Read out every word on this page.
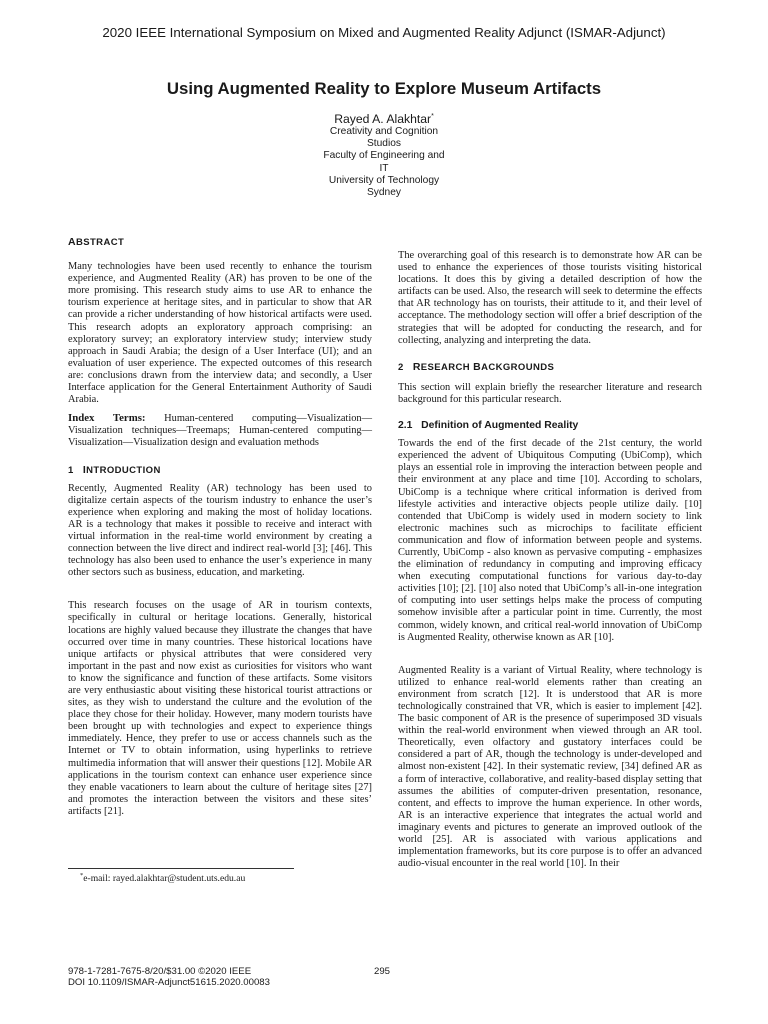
2020 IEEE International Symposium on Mixed and Augmented Reality Adjunct (ISMAR-Adjunct)
Using Augmented Reality to Explore Museum Artifacts
Rayed A. Alakhtar*
Creativity and Cognition
Studios
Faculty of Engineering and
IT
University of Technology
Sydney
ABSTRACT

Many technologies have been used recently to enhance the tourism experience, and Augmented Reality (AR) has proven to be one of the more promising. This research study aims to use AR to enhance the tourism experience at heritage sites, and in particular to show that AR can provide a richer understanding of how historical artifacts were used. This research adopts an exploratory approach comprising: an exploratory survey; an exploratory interview study; interview study approach in Saudi Arabia; the design of a User Interface (UI); and an evaluation of user experience. The expected outcomes of this research are: conclusions drawn from the interview data; and secondly, a User Interface application for the General Entertainment Authority of Saudi Arabia.

Index Terms: Human-centered computing—Visualization—Visualization techniques—Treemaps; Human-centered computing—Visualization—Visualization design and evaluation methods

1 INTRODUCTION

Recently, Augmented Reality (AR) technology has been used to digitalize certain aspects of the tourism industry to enhance the user’s experience when exploring and making the most of holiday locations. AR is a technology that makes it possible to receive and interact with virtual information in the real-time world environment by creating a connection between the live direct and indirect real-world [3]; [46]. This technology has also been used to enhance the user’s experience in many other sectors such as business, education, and marketing.

This research focuses on the usage of AR in tourism contexts, specifically in cultural or heritage locations. Generally, historical locations are highly valued because they illustrate the changes that have occurred over time in many countries. These historical locations have unique artifacts or physical attributes that were considered very important in the past and now exist as curiosities for visitors who want to know the significance and function of these artifacts. Some visitors are very enthusiastic about visiting these historical tourist attractions or sites, as they wish to understand the culture and the evolution of the place they chose for their holiday. However, many modern tourists have been brought up with technologies and expect to experience things immediately. Hence, they prefer to use or access channels such as the Internet or TV to obtain information, using hyperlinks to retrieve multimedia information that will answer their questions [12]. Mobile AR applications in the tourism context can enhance user experience since they enable vacationers to learn about the culture of heritage sites [27] and promotes the interaction between the visitors and these sites’ artifacts [21].

The overarching goal of this research is to demonstrate how AR can be used to enhance the experiences of those tourists visiting historical locations. It does this by giving a detailed description of how the artifacts can be used. Also, the research will seek to determine the effects that AR technology has on tourists, their attitude to it, and their level of acceptance. The methodology section will offer a brief description of the strategies that will be adopted for conducting the research, and for collecting, analyzing and interpreting the data.

2 RESEARCH BACKGROUNDS

This section will explain briefly the researcher literature and research background for this particular research.

2.1 Definition of Augmented Reality

Towards the end of the first decade of the 21st century, the world experienced the advent of Ubiquitous Computing (UbiComp), which plays an essential role in improving the interaction between people and their environment at any place and time [10]. According to scholars, UbiComp is a technique where critical information is derived from lifestyle activities and interactive objects people utilize daily. [10] contended that UbiComp is widely used in modern society to link electronic machines such as microchips to facilitate efficient communication and flow of information between people and systems. Currently, UbiComp - also known as pervasive computing - emphasizes the elimination of redundancy in computing and improving efficacy when executing computational functions for various day-to-day activities [10]; [2]. [10] also noted that UbiComp’s all-in-one integration of computing into user settings helps make the process of computing somehow invisible after a particular point in time. Currently, the most common, widely known, and critical real-world innovation of UbiComp is Augmented Reality, otherwise known as AR [10].

Augmented Reality is a variant of Virtual Reality, where technology is utilized to enhance real-world elements rather than creating an environment from scratch [12]. It is understood that AR is more technologically constrained that VR, which is easier to implement [42]. The basic component of AR is the presence of superimposed 3D visuals within the real-world environment when viewed through an AR tool. Theoretically, even olfactory and gustatory interfaces could be considered a part of AR, though the technology is under-developed and almost non-existent [42]. In their systematic review, [34] defined AR as a form of interactive, collaborative, and reality-based display setting that assumes the abilities of computer-driven presentation, resonance, content, and effects to improve the human experience. In other words, AR is an interactive experience that integrates the actual world and imaginary events and pictures to generate an improved outlook of the world [25]. AR is associated with various applications and implementation frameworks, but its core purpose is to offer an advanced audio-visual encounter in the real world [10]. In their

*e-mail: rayed.alakhtar@student.uts.edu.au
978-1-7281-7675-8/20/$31.00 ©2020 IEEE
DOI 10.1109/ISMAR-Adjunct51615.2020.00083
295
